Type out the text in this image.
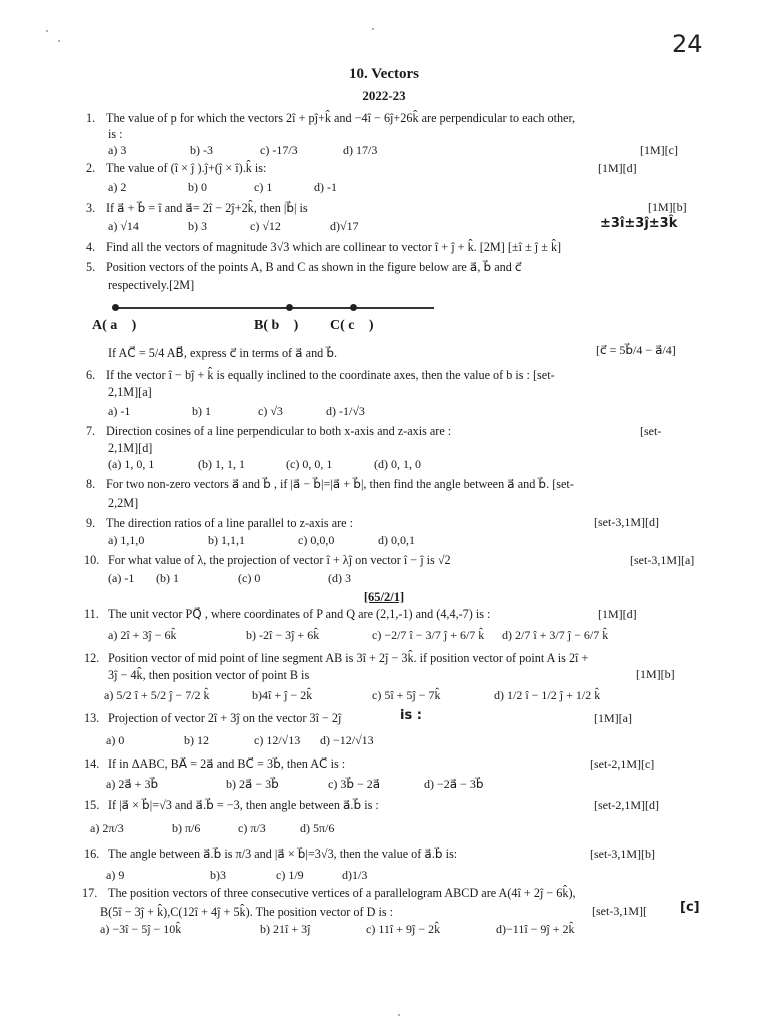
24
10. Vectors
2022-23
1. The value of p for which the vectors 2î + pĵ+k̂ and −4î − 6ĵ+26k̂ are perpendicular to each other,
is :
a) 3	b) -3	c) -17/3	d) 17/3	[1M][c]
2. The value of (î × ĵ ).ĵ+(ĵ × î).k̂ is:	[1M][d]
a) 2	b) 0	c) 1	d) -1
3. If a⃗ + b⃗ = î and a⃗= 2î − 2ĵ+2k̂, then |b⃗| is	[1M][b]
a) √14	b) 3	c) √12	d)√17	±3î±3ĵ±3k̂
4. Find all the vectors of magnitude 3√3 which are collinear to vector î + ĵ + k̂. [2M] [±î ± ĵ ± k̂]
5. Position vectors of the points A, B and C as shown in the figure below are a⃗, b⃗ and c⃗
respectively.[2M]
A( a⃗ )	B( b⃗ ) C( c⃗ )
If AC⃗ = 5/4 AB⃗, express c⃗ in terms of a⃗ and b⃗.	[c⃗ = 5b⃗/4 − a⃗/4]
6. If the vector î − bĵ + k̂ is equally inclined to the coordinate axes, then the value of b is : [set-
2,1M][a]
a) -1	b) 1	c) √3	d) -1/√3
7. Direction cosines of a line perpendicular to both x-axis and z-axis are :	[set-
2,1M][d]
(a) 1, 0, 1	(b) 1, 1, 1	(c) 0, 0, 1	(d) 0, 1, 0
8. For two non-zero vectors a⃗ and b⃗ , if |a⃗ − b⃗|=|a⃗ + b⃗|, then find the angle between a⃗ and b⃗. [set-
2,2M]
9. The direction ratios of a line parallel to z-axis are :	[set-3,1M][d]
a) 1,1,0	b) 1,1,1	c) 0,0,0	d) 0,0,1
10. For what value of λ, the projection of vector î + λĵ on vector î − ĵ is √2	[set-3,1M][a]
(a) -1 (b) 1	(c) 0	(d) 3
[65/2/1]
11. The unit vector PQ⃗ , where coordinates of P and Q are (2,1,-1) and (4,4,-7) is :	[1M][d]
a) 2î + 3ĵ − 6k̂	b) -2î − 3ĵ + 6k̂	c) −2/7 î − 3/7 ĵ + 6/7 k̂ d) 2/7 î + 3/7 ĵ − 6/7 k̂
12. Position vector of mid point of line segment AB is 3î + 2ĵ − 3k̂. if position vector of point A is 2î +
3ĵ − 4k̂, then position vector of point B is	[1M][b]
a) 5/2 î + 5/2 ĵ − 7/2 k̂	b)4î + ĵ − 2k̂	c) 5î + 5ĵ − 7k̂	d) 1/2 î − 1/2 ĵ + 1/2 k̂
13. Projection of vector 2î + 3ĵ on the vector 3î − 2ĵ	is :	[1M][a]
a) 0	b) 12	c) 12/√13 d) −12/√13
14. If in ΔABC, BA⃗ = 2a⃗ and BC⃗ = 3b⃗, then AC⃗ is :	[set-2,1M][c]
a) 2a⃗ + 3b⃗	b) 2a⃗ − 3b⃗	c) 3b⃗ − 2a⃗	d) −2a⃗ − 3b⃗
15. If |a⃗ × b⃗|=√3 and a⃗.b⃗ = −3, then angle between a⃗.b⃗ is :	[set-2,1M][d]
a) 2π/3	b) π/6	c) π/3	d) 5π/6
16. The angle between a⃗.b⃗ is π/3 and |a⃗ × b⃗|=3√3, then the value of a⃗.b⃗ is:	[set-3,1M][b]
a) 9	b)3	c) 1/9	d)1/3
17. The position vectors of three consecutive vertices of a parallelogram ABCD are A(4î + 2ĵ − 6k̂),
B(5î − 3ĵ + k̂),C(12î + 4ĵ + 5k̂). The position vector of D is :	[set-3,1M][	[c]
a) −3î − 5ĵ − 10k̂	b) 21î + 3ĵ	c) 11î + 9ĵ − 2k̂	d)−11î − 9ĵ + 2k̂
